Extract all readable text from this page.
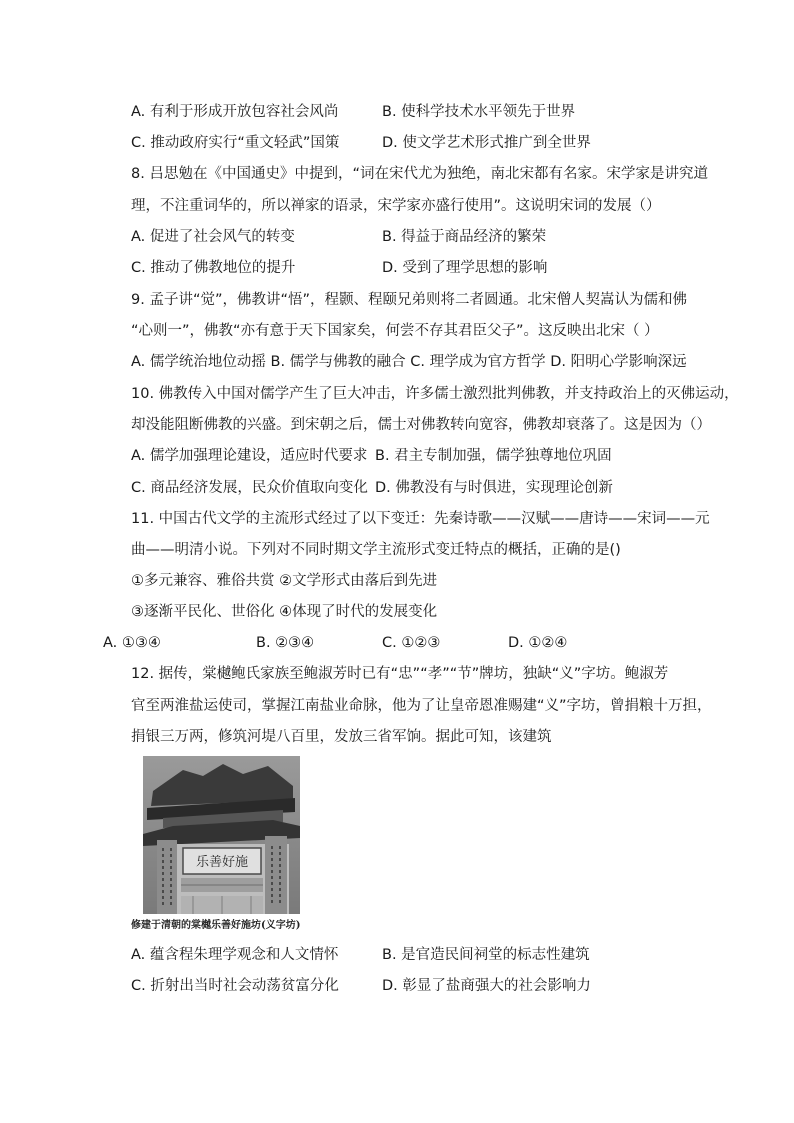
A. 有利于形成开放包容社会风尚	B. 使科学技术水平领先于世界
C. 推动政府实行“重文轻武”国策	D. 使文学艺术形式推广到全世界
8. 吕思勉在《中国通史》中提到，“词在宋代尤为独绝，南北宋都有名家。宋学家是讲究道
理，不注重词华的，所以禅家的语录，宋学家亦盛行使用”。这说明宋词的发展（）
A. 促进了社会风气的转变	B. 得益于商品经济的繁荣
C. 推动了佛教地位的提升	D. 受到了理学思想的影响
9. 孟子讲“觉”，佛教讲“悟”，程颢、程颐兄弟则将二者圆通。北宋僧人契嵩认为儒和佛
“心则一”，佛教“亦有意于天下国家矣，何尝不存其君臣父子”。这反映出北宋（ ）
A. 儒学统治地位动摇 B. 儒学与佛教的融合 C. 理学成为官方哲学 D. 阳明心学影响深远
10. 佛教传入中国对儒学产生了巨大冲击，许多儒士激烈批判佛教，并支持政治上的灭佛运动，
却没能阻断佛教的兴盛。到宋朝之后，儒士对佛教转向宽容，佛教却衰落了。这是因为（）
A. 儒学加强理论建设，适应时代要求 B. 君主专制加强，儒学独尊地位巩固
C. 商品经济发展，民众价值取向变化 D. 佛教没有与时俱进，实现理论创新
11. 中国古代文学的主流形式经过了以下变迁：先秦诗歌——汉赋——唐诗——宋词——元
曲——明清小说。下列对不同时期文学主流形式变迁特点的概括，正确的是()
①多元兼容、雅俗共赏 ②文学形式由落后到先进
③逐渐平民化、世俗化 ④体现了时代的发展变化
A. ①③④	B. ②③④	C. ①②③	D. ①②④
12. 据传，棠樾鲍氏家族至鲍淑芳时已有“忠”“孝”“节”牌坊，独缺“义”字坊。鲍淑芳
官至两淮盐运使司，掌握江南盐业命脉，他为了让皇帝恩准赐建“义”字坊，曾捐粮十万担，
捐银三万两，修筑河堤八百里，发放三省军饷。据此可知，该建筑
乐善好施
修建于清朝的棠樾乐善好施坊(义字坊)
A. 蕴含程朱理学观念和人文情怀	B. 是官造民间祠堂的标志性建筑
C. 折射出当时社会动荡贫富分化	D. 彰显了盐商强大的社会影响力
